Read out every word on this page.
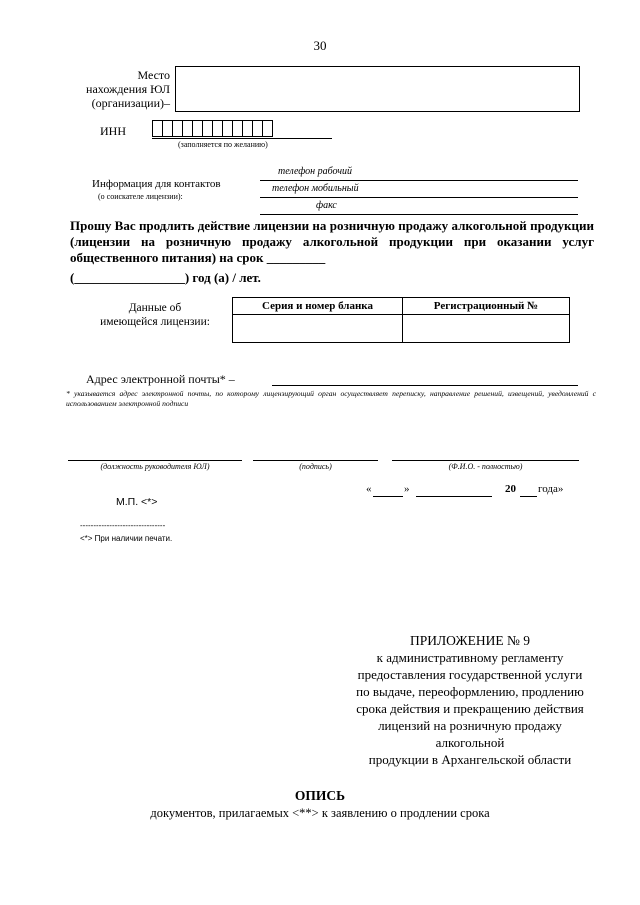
30
Место
нахождения ЮЛ
(организации)–
ИНН
(заполняется по желанию)
Информация для контактов
(о соискателе лицензии):
телефон рабочий
телефон мобильный
факс
Прошу Вас продлить действие лицензии на розничную продажу алкогольной продукции (лицензии на розничную продажу алкогольной продукции при оказании услуг общественного питания) на срок _________
(_________________) год (а) / лет.
Данные об
имеющейся лицензии:
Серия и номер бланка	Регистрационный №

Адрес электронной почты* –
* указывается адрес электронной почты, по которому лицензирующий орган осуществляет переписку, направление решений, извещений, уведомлений с использованием электронной подписи
(должность руководителя ЮЛ)	(подпись)	(Ф.И.О. - полностью)
«	»	20 года»
М.П. <*>
--------------------------------
<*> При наличии печати.
ПРИЛОЖЕНИЕ № 9
к административному регламенту
предоставления государственной услуги
по выдаче, переоформлению, продлению
срока действия и прекращению действия
лицензий на розничную продажу
алкогольной
продукции в Архангельской области
ОПИСЬ
документов, прилагаемых <**> к заявлению о продлении срока
